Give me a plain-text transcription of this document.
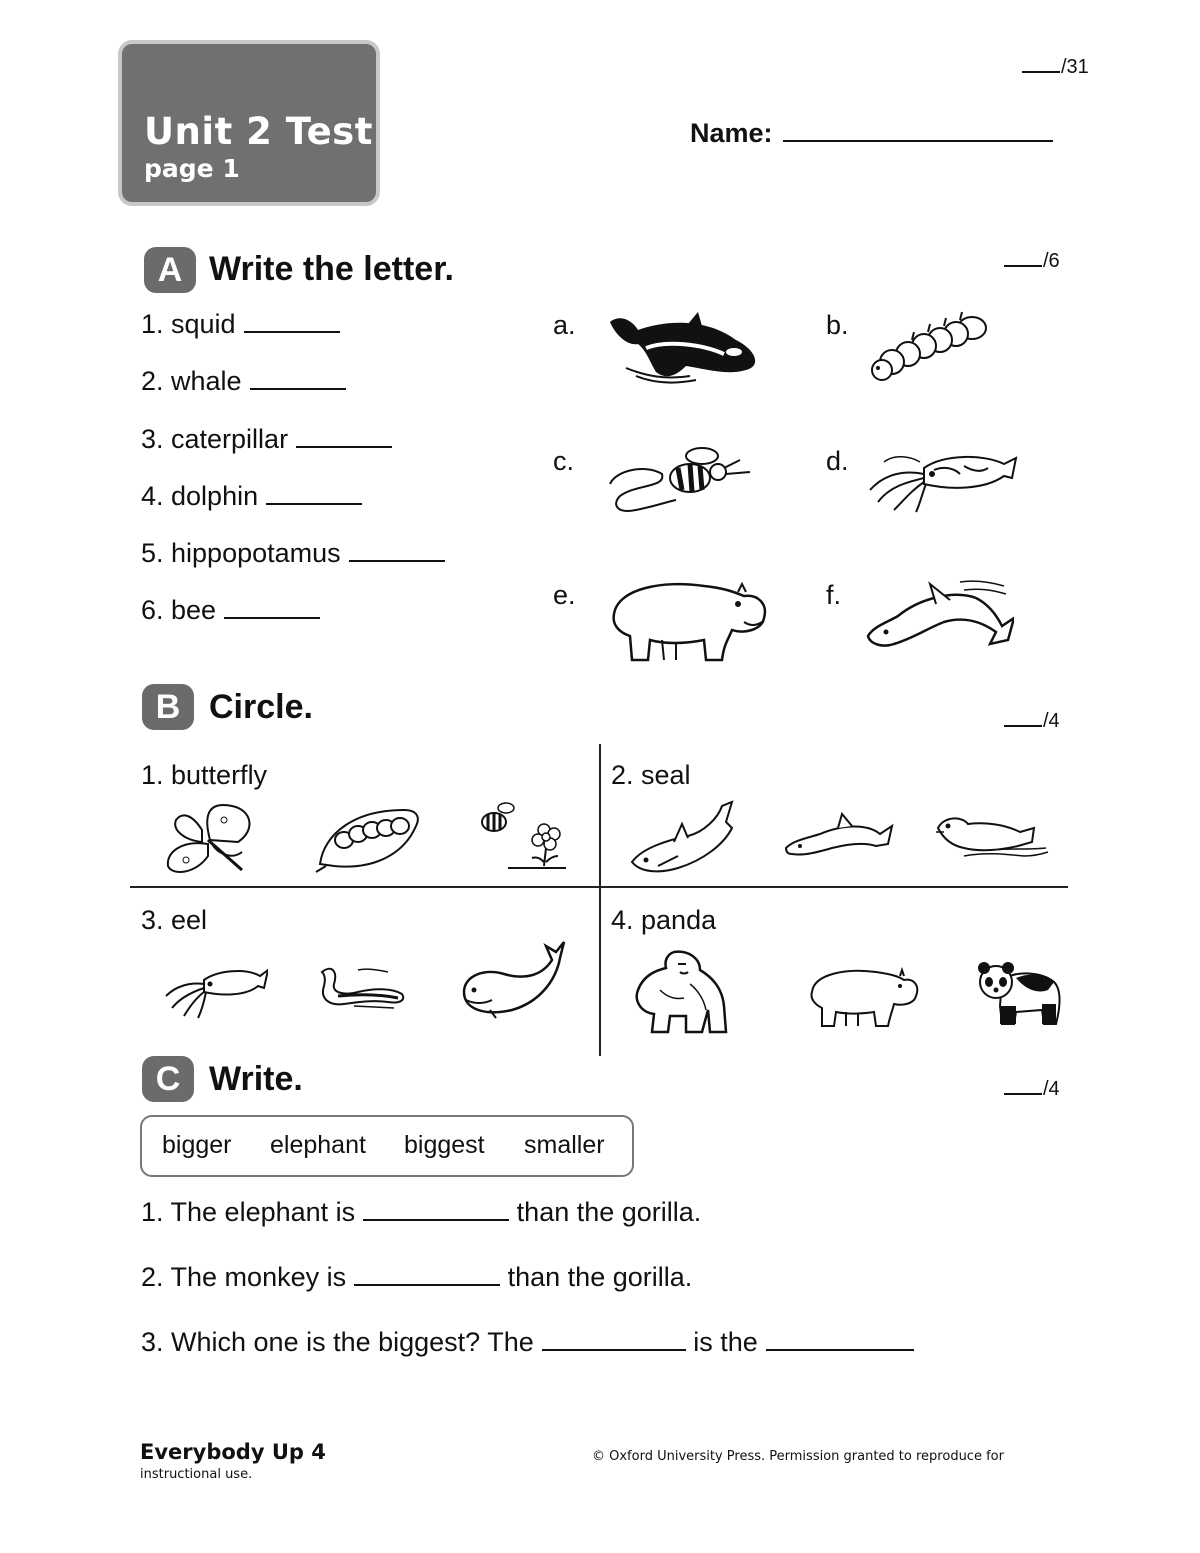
Unit 2 Test
page 1
/31
Name:
A Write the letter.	/6
1. squid
2. whale
3. caterpillar
4. dolphin
5. hippopotamus
6. bee
a.	b.
c.	d.
e.	f.
B Circle.	/4
1. butterfly	2. seal
3. eel	4. panda
C Write.	/4
bigger elephant biggest smaller
1. The elephant is	than the gorilla.
2. The monkey is	than the gorilla.
3. Which one is the biggest? The	is the
Everybody Up 4
instructional use.
© Oxford University Press. Permission granted to reproduce for
